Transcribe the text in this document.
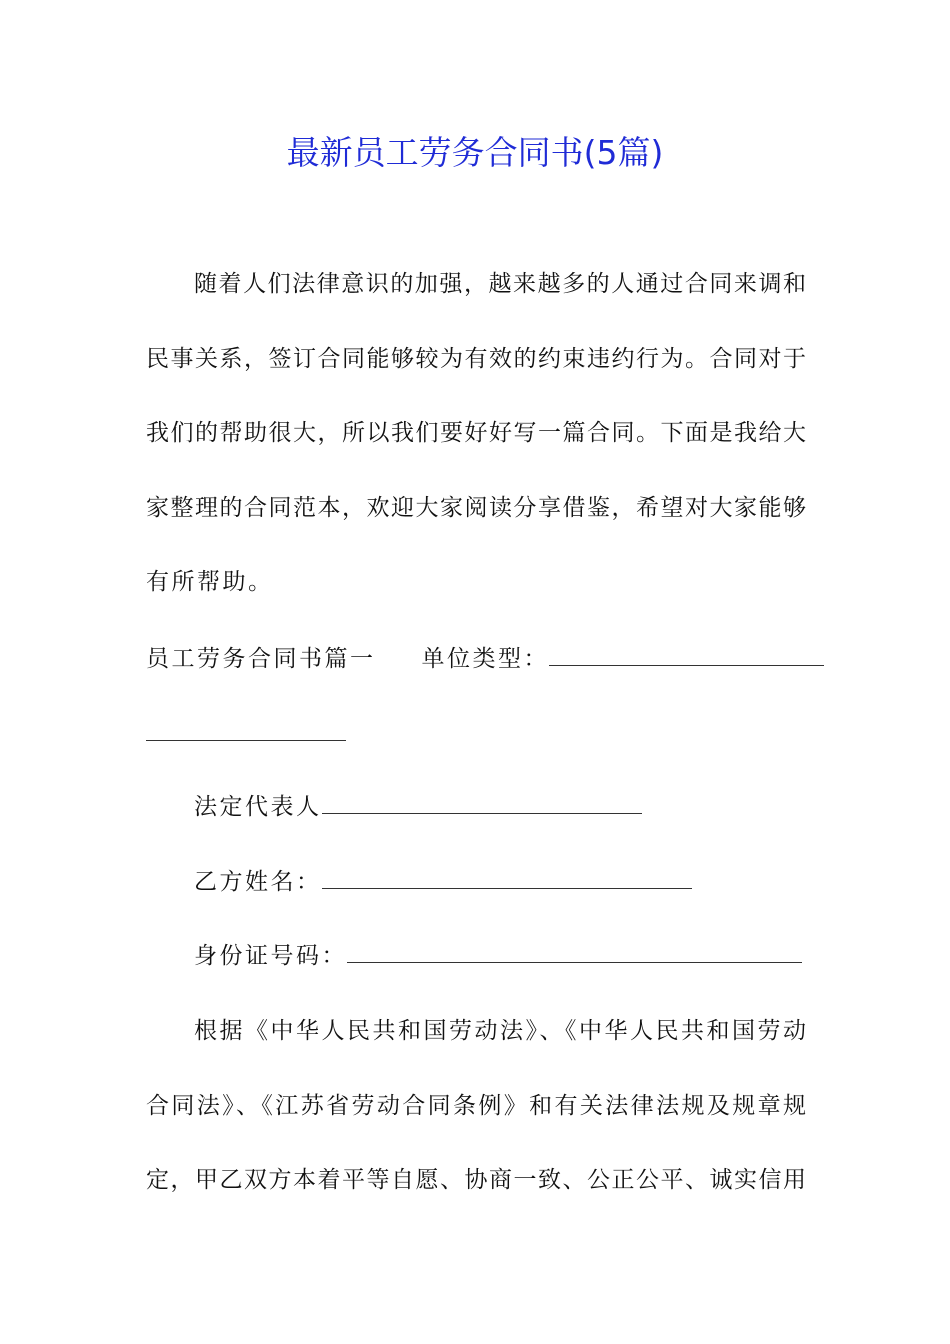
最新员工劳务合同书(5篇)
随着人们法律意识的加强，越来越多的人通过合同来调和
民事关系，签订合同能够较为有效的约束违约行为。合同对于
我们的帮助很大，所以我们要好好写一篇合同。下面是我给大
家整理的合同范本，欢迎大家阅读分享借鉴，希望对大家能够
有所帮助。
员工劳务合同书篇一 单位类型：
法定代表人
乙方姓名：
身份证号码：
根据《中华人民共和国劳动法》、《中华人民共和国劳动
合同法》、《江苏省劳动合同条例》和有关法律法规及规章规
定，甲乙双方本着平等自愿、协商一致、公正公平、诚实信用
